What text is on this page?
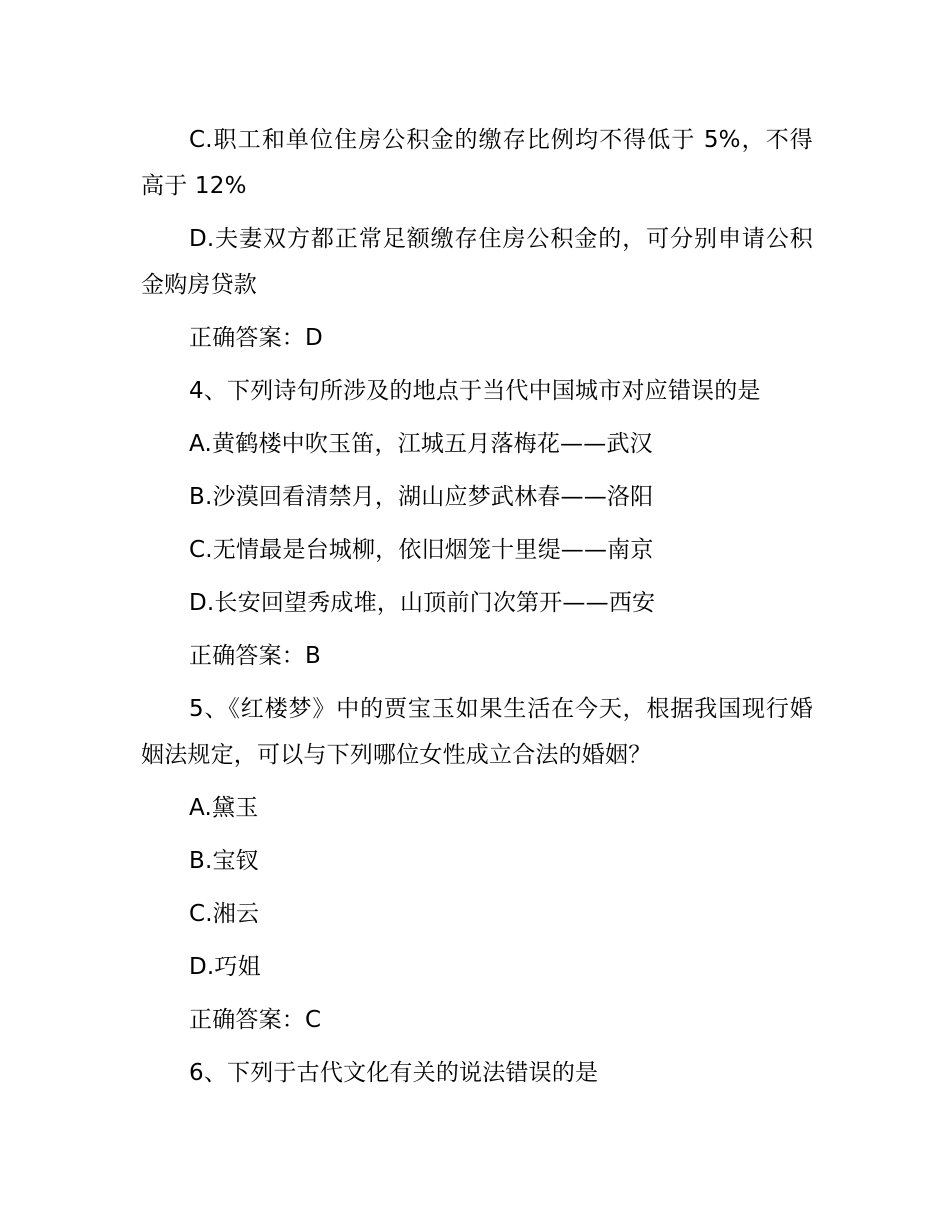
C.职工和单位住房公积金的缴存比例均不得低于 5%，不得高于 12%

D.夫妻双方都正常足额缴存住房公积金的，可分别申请公积金购房贷款

正确答案：D

4、下列诗句所涉及的地点于当代中国城市对应错误的是

A.黄鹤楼中吹玉笛，江城五月落梅花——武汉

B.沙漠回看清禁月，湖山应梦武林春——洛阳

C.无情最是台城柳，依旧烟笼十里缇——南京

D.长安回望秀成堆，山顶前门次第开——西安

正确答案：B

5、《红楼梦》中的贾宝玉如果生活在今天，根据我国现行婚姻法规定，可以与下列哪位女性成立合法的婚姻？

A.黛玉

B.宝钗

C.湘云

D.巧姐

正确答案：C

6、下列于古代文化有关的说法错误的是
